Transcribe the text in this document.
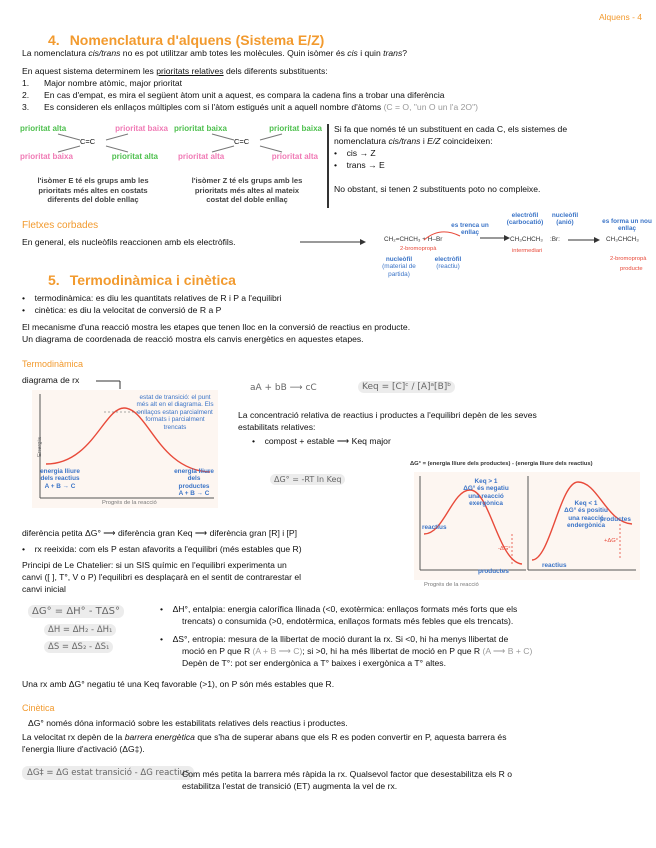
Alquens - 4
4. Nomenclatura d'alquens (Sistema E/Z)
La nomenclatura cis/trans no es pot utilitzar amb totes les molècules. Quin isòmer és cis i quin trans?
En aquest sistema determinem les prioritats relatives dels diferents substituents:
1. Major nombre atòmic, major prioritat
2. En cas d'empat, es mira el següent àtom unit a aquest, es compara la cadena fins a trobar una diferència
3. Es consideren els enllaços múltiples com si l'àtom estigués unit a aquell nombre d'àtoms (C = O, "un O un l'a 2O")
prioritat alta	prioritat baixa
C=C
prioritat baixa	prioritat alta
l'isòmer E té els grups amb les
prioritats més altes en costats
diferents del doble enllaç
prioritat baixa	prioritat baixa
C=C
prioritat alta	prioritat alta
l'isòmer Z té els grups amb les
prioritats més altes al mateix
costat del doble enllaç
Si fa que només té un substituent en cada C, els sistemes de
nomenclatura cis/trans i E/Z coincideixen:
•    cis → Z
•    trans → E
No obstant, si tenen 2 substituents poto no compleixe.
Fletxes corbades
En general, els nucleòfils reaccionen amb els electròfils.	CH₂=CHCH₃ + H–Br
2-bromopropà
nucleòfil
(material de partida)
electròfil
(reactiu)
es trenca un enllaç
electròfil (carbocatió)
nucleòfil (anió)
CH₃CHCH₃ :Br:
intermediari
es forma un nou enllaç
CH₃CHCH₃
2-bromopropà
producte
5. Termodinàmica i cinètica
•    termodinàmica: es diu les quantitats relatives de R i P a l'equilibri
•    cinètica: es diu la velocitat de conversió de R a P
El mecanisme d'una reacció mostra les etapes que tenen lloc en la conversió de reactius en producte.
Un diagrama de coordenada de reacció mostra els canvis energètics en aquestes etapes.
Termodinàmica
diagrama de rx
estat de transició: el punt més alt en el diagrama. Els enllaços estan parcialment formats i parcialment trencats
energia lliure dels reactius
A + B → C
energia lliure dels productes
A + B → C
Energia
Progrés de la reacció
aA + bB ⟶ cC	Keq = [C]ᶜ / [A]ᵃ[B]ᵇ
La concentració relativa de reactius i productes a l'equilibri depèn de les seves
estabilitats relatives:
•    compost + estable ⟶ Keq major
ΔG° = -RT ln Keq
ΔG° = (energia lliure dels productes) - (energia lliure dels reactius)
Keq > 1
ΔG° és negatiu
una reacció exergònica
reactius
productes
-ΔG°
Keq < 1
ΔG° és positiu
una reacció endergònica
reactius
productes
+ΔG°
Progrés de la reacció
diferència petita ΔG° ⟶ diferència gran Keq ⟶ diferència gran [R] i [P]
•    rx reeixida: com els P estan afavorits a l'equilibri (més estables que R)
Principi de Le Chatelier: si un SIS químic en l'equilibri experimenta un
canvi ([ ], T°, V o P) l'equilibri es desplaçarà en el sentit de contrarestar el
canvi inicial
ΔG° = ΔH° - TΔS°
ΔH = ΔH₂ - ΔH₁
ΔS = ΔS₂ - ΔS₁
•    ΔH°, entalpia: energia calorífica llinada (<0, exotèrmica: enllaços formats més forts que els
trencats) o consumida (>0, endotèrmica, enllaços formats més febles que els trencats).
•    ΔS°, entropia: mesura de la llibertat de moció durant la rx. Si <0, hi ha menys llibertat de
moció en P que R (A + B ⟶ C); si >0, hi ha més llibertat de moció en P que R (A ⟶ B + C)
Depèn de T°: pot ser endergònica a T° baixes i exergònica a T° altes.
Una rx amb ΔG° negatiu té una Keq favorable (>1), on P són més estables que R.
Cinètica
ΔG° només dóna informació sobre les estabilitats relatives dels reactius i productes.
La velocitat rx depèn de la barrera energètica que s'ha de superar abans que els R es poden convertir en P, aquesta barrera és
l'energia lliure d'activació (ΔG‡).
ΔG‡ = ΔG estat transició - ΔG reactius
Com més petita la barrera més ràpida la rx. Qualsevol factor que desestabilitza els R o
estabilitza l'estat de transició (ET) augmenta la vel de rx.
